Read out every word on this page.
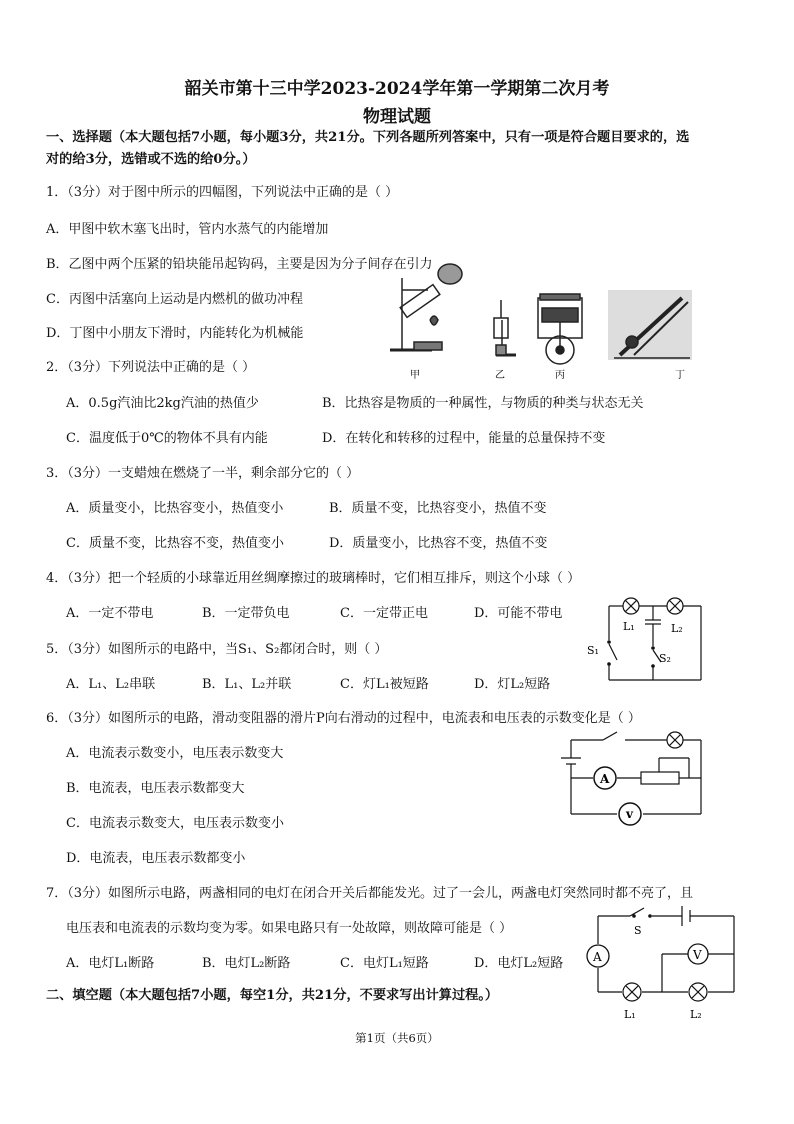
韶关市第十三中学2023-2024学年第一学期第二次月考
物理试题
一、选择题（本大题包括7小题，每小题3分，共21分。下列各题所列答案中，只有一项是符合题目要求的，选
对的给3分，选错或不选的给0分。）
1．（3分）对于图中所示的四幅图，下列说法中正确的是（ ）
A．甲图中软木塞飞出时，管内水蒸气的内能增加
B．乙图中两个压紧的铅块能吊起钩码，主要是因为分子间存在引力
C．丙图中活塞向上运动是内燃机的做功冲程
D．丁图中小朋友下滑时，内能转化为机械能
甲	乙	丙	丁
2．（3分）下列说法中正确的是（ ）
A．0.5g汽油比2kg汽油的热值少	B．比热容是物质的一种属性，与物质的种类与状态无关
C．温度低于0℃的物体不具有内能	D．在转化和转移的过程中，能量的总量保持不变
3．（3分）一支蜡烛在燃烧了一半，剩余部分它的（ ）
A．质量变小，比热容变小，热值变小	B．质量不变，比热容变小，热值不变
C．质量不变，比热容不变，热值变小	D．质量变小，比热容不变，热值不变
4．（3分）把一个轻质的小球靠近用丝绸摩擦过的玻璃棒时，它们相互排斥，则这个小球（ ）
A．一定不带电	B．一定带负电	C．一定带正电	D．可能不带电
L₁	L₂
S₁
S₂
5．（3分）如图所示的电路中，当S₁、S₂都闭合时，则（ ）
A．L₁、L₂串联	B．L₁、L₂并联	C．灯L₁被短路	D．灯L₂短路
6．（3分）如图所示的电路，滑动变阻器的滑片P向右滑动的过程中，电流表和电压表的示数变化是（ ）
A．电流表示数变小，电压表示数变大
B．电流表，电压表示数都变大
C．电流表示数变大，电压表示数变小
D．电流表，电压表示数都变小
A
v
7．（3分）如图所示电路，两盏相同的电灯在闭合开关后都能发光。过了一会儿，两盏电灯突然同时都不亮了，且
电压表和电流表的示数均变为零。如果电路只有一处故障，则故障可能是（ ）
A．电灯L₁断路	B．电灯L₂断路	C．电灯L₁短路	D．电灯L₂短路
S
A	V
L₁	L₂
二、填空题（本大题包括7小题，每空1分，共21分，不要求写出计算过程。）
第1页（共6页）
